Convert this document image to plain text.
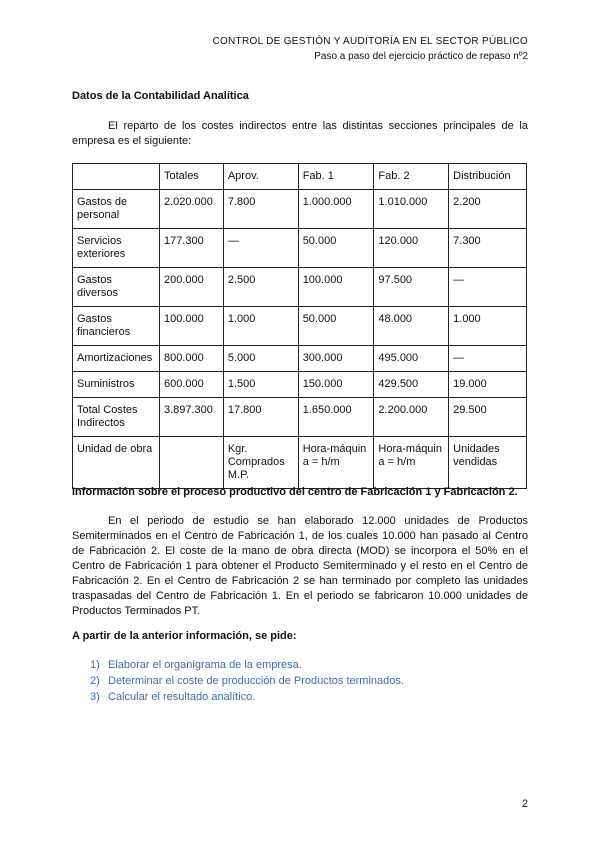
CONTROL DE GESTIÓN Y AUDITORÍA EN EL SECTOR PÚBLICO
Paso a paso del ejercicio práctico de repaso nº2
Datos de la Contabilidad Analítica
El reparto de los costes indirectos entre las distintas secciones principales de la empresa es el siguiente:
	Totales	Aprov.	Fab. 1	Fab. 2	Distribución
Gastos de personal	2.020.000	7.800	1.000.000	1.010.000	2.200
Servicios exteriores	177.300	—	50.000	120.000	7.300
Gastos diversos	200.000	2.500	100.000	97.500	—
Gastos financieros	100.000	1.000	50.000	48.000	1.000
Amortizaciones	800.000	5.000	300.000	495.000	—
Suministros	600.000	1.500	150.000	429.500	19.000
Total Costes Indirectos	3.897.300	17.800	1.650.000	2.200.000	29.500
Unidad de obra		Kgr. Comprados M.P.	Hora-máquin a = h/m	Hora-máquin a = h/m	Unidades vendidas
Información sobre el proceso productivo del centro de Fabricación 1 y Fabricación 2.
En el periodo de estudio se han elaborado 12.000 unidades de Productos Semiterminados en el Centro de Fabricación 1, de los cuales 10.000 han pasado al Centro de Fabricación 2. El coste de la mano de obra directa (MOD) se incorpora el 50% en el Centro de Fabricación 1 para obtener el Producto Semiterminado y el resto en el Centro de Fabricación 2. En el Centro de Fabricación 2 se han terminado por completo las unidades traspasadas del Centro de Fabricación 1. En el periodo se fabricaron 10.000 unidades de Productos Terminados PT.
A partir de la anterior información, se pide:
1) Elaborar el organigrama de la empresa.
2) Determinar el coste de producción de Productos terminados.
3) Calcular el resultado analítico.
2
